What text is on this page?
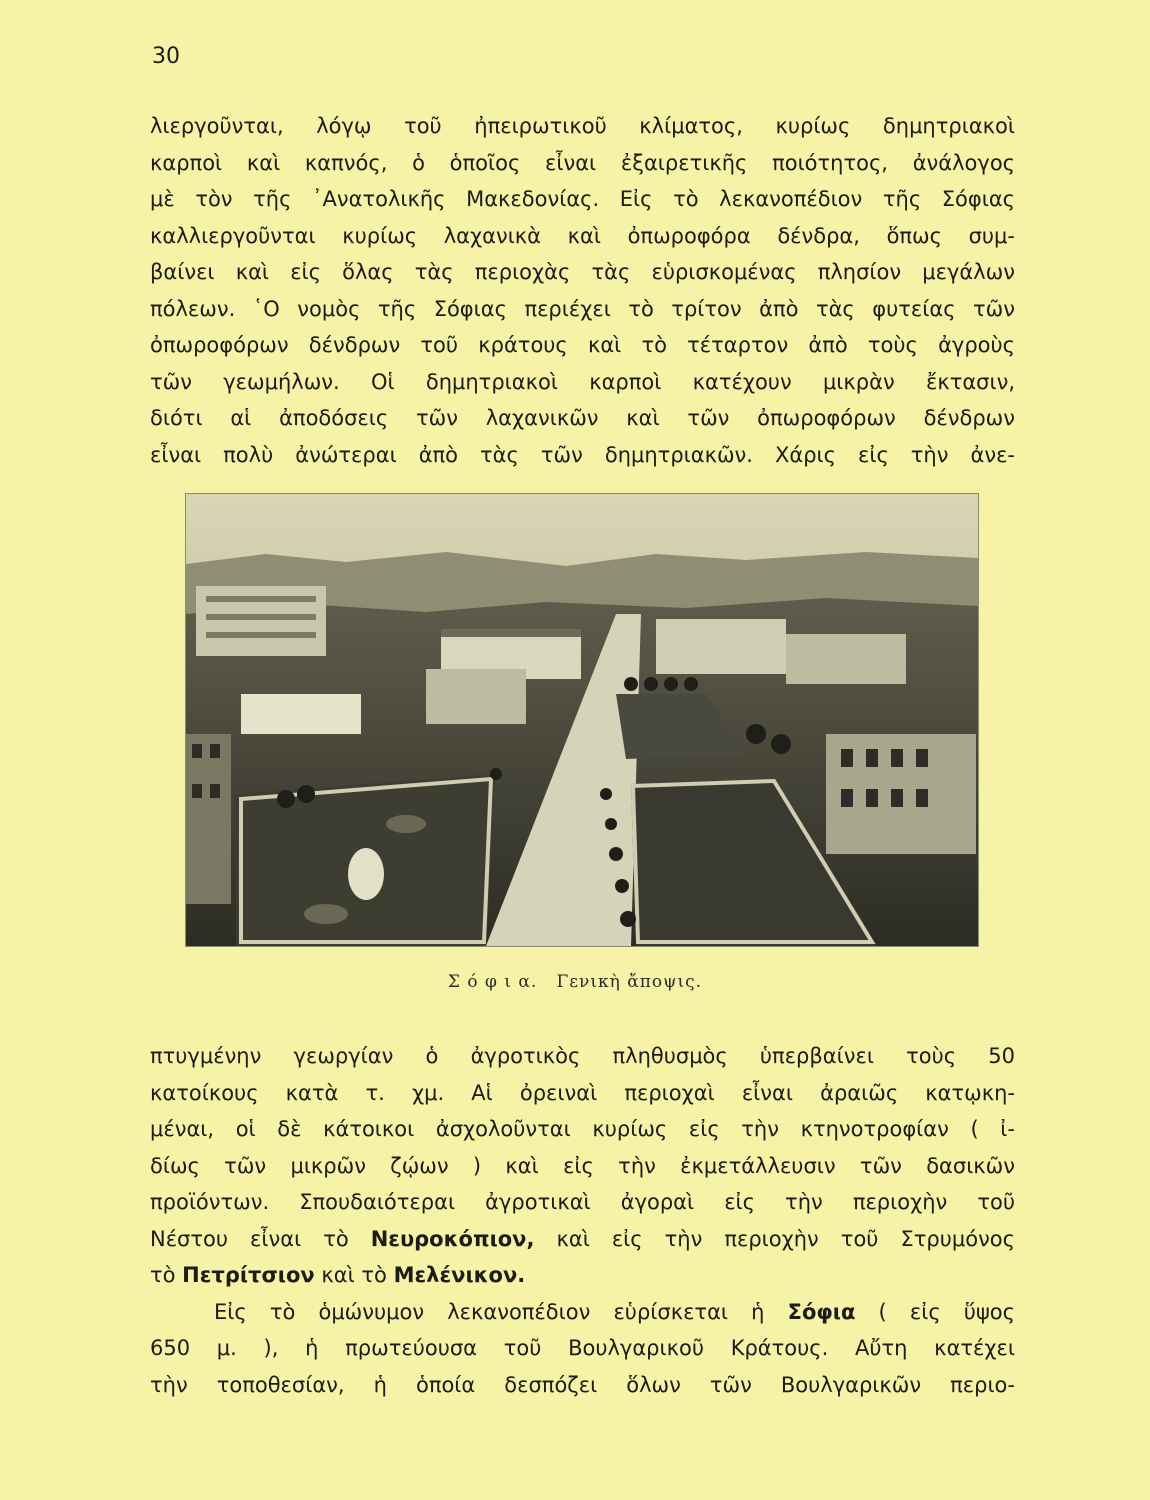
30
λιεργοῦνται, λόγῳ τοῦ ἠπειρωτικοῦ κλίματος, κυρίως δημητριακοὶ
καρποὶ καὶ καπνός, ὁ ὁποῖος εἶναι ἐξαιρετικῆς ποιότητος, ἀνάλογος
μὲ τὸν τῆς ᾿Ανατολικῆς Μακεδονίας. Εἰς τὸ λεκανοπέδιον τῆς Σόφιας
καλλιεργοῦνται κυρίως λαχανικὰ καὶ ὀπωροφόρα δένδρα, ὅπως συμ-
βαίνει καὶ εἰς ὅλας τὰς περιοχὰς τὰς εὑρισκομένας πλησίον μεγάλων
πόλεων. ῾Ο νομὸς τῆς Σόφιας περιέχει τὸ τρίτον ἀπὸ τὰς φυτείας τῶν
ὀπωροφόρων δένδρων τοῦ κράτους καὶ τὸ τέταρτον ἀπὸ τοὺς ἀγροὺς
τῶν γεωμήλων. Οἱ δημητριακοὶ καρποὶ κατέχουν μικρὰν ἔκτασιν,
διότι αἱ ἀποδόσεις τῶν λαχανικῶν καὶ τῶν ὀπωροφόρων δένδρων
εἶναι πολὺ ἀνώτεραι ἀπὸ τὰς τῶν δημητριακῶν. Χάρις εἰς τὴν ἀνε-
Σ ό φ ι α. Γενικὴ ἄποψις.
πτυγμένην γεωργίαν ὁ ἀγροτικὸς πληθυσμὸς ὑπερβαίνει τοὺς 50
κατοίκους κατὰ τ. χμ. Αἱ ὀρειναὶ περιοχαὶ εἶναι ἀραιῶς κατῳκη-
μέναι, οἱ δὲ κάτοικοι ἀσχολοῦνται κυρίως εἰς τὴν κτηνοτροφίαν ( ἰ-
δίως τῶν μικρῶν ζῴων ) καὶ εἰς τὴν ἐκμετάλλευσιν τῶν δασικῶν
προϊόντων. Σπουδαιότεραι ἀγροτικαὶ ἀγοραὶ εἰς τὴν περιοχὴν τοῦ
Νέστου εἶναι τὸ Νευροκόπιον, καὶ εἰς τὴν περιοχὴν τοῦ Στρυμόνος
τὸ Πετρίτσιον καὶ τὸ Μελένικον.
Εἰς τὸ ὁμώνυμον λεκανοπέδιον εὑρίσκεται ἡ Σόφια ( εἰς ὕψος
650 μ. ), ἡ πρωτεύουσα τοῦ Βουλγαρικοῦ Κράτους. Αὔτη κατέχει
τὴν τοποθεσίαν, ἡ ὁποία δεσπόζει ὅλων τῶν Βουλγαρικῶν περιο-
